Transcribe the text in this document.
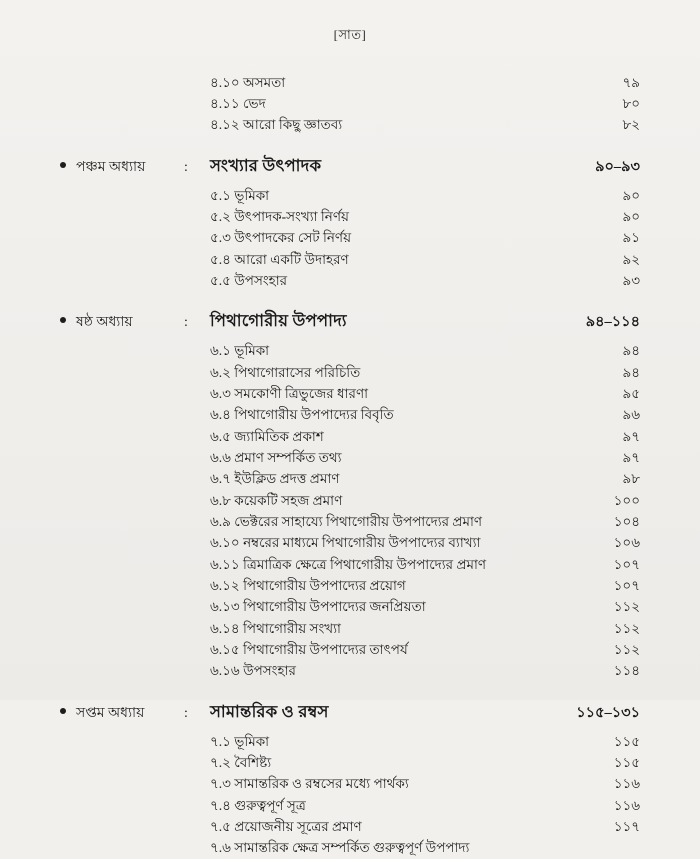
[সাত]
৪.১০ অসমতা	৭৯
৪.১১ ভেদ	৮০
৪.১২ আরো কিছু জ্ঞাতব্য	৮২
পঞ্চম অধ্যায়	:	সংখ্যার উৎপাদক	৯০–৯৩
৫.১ ভূমিকা	৯০
৫.২ উৎপাদক-সংখ্যা নির্ণয়	৯০
৫.৩ উৎপাদকের সেট নির্ণয়	৯১
৫.৪ আরো একটি উদাহরণ	৯২
৫.৫ উপসংহার	৯৩
ষষ্ঠ অধ্যায়	:	পিথাগোরীয় উপপাদ্য	৯৪–১১৪
৬.১ ভূমিকা	৯৪
৬.২ পিথাগোরাসের পরিচিতি	৯৪
৬.৩ সমকোণী ত্রিভুজের ধারণা	৯৫
৬.৪ পিথাগোরীয় উপপাদ্যের বিবৃতি	৯৬
৬.৫ জ্যামিতিক প্রকাশ	৯৭
৬.৬ প্রমাণ সম্পর্কিত তথ্য	৯৭
৬.৭ ইউক্লিড প্রদত্ত প্রমাণ	৯৮
৬.৮ কয়েকটি সহজ প্রমাণ	১০০
৬.৯ ভেক্টরের সাহায্যে পিথাগোরীয় উপপাদ্যের প্রমাণ	১০৪
৬.১০ নম্বরের মাধ্যমে পিথাগোরীয় উপপাদ্যের ব্যাখ্যা	১০৬
৬.১১ ত্রিমাত্রিক ক্ষেত্রে পিথাগোরীয় উপপাদ্যের প্রমাণ	১০৭
৬.১২ পিথাগোরীয় উপপাদ্যের প্রয়োগ	১০৭
৬.১৩ পিথাগোরীয় উপপাদ্যের জনপ্রিয়তা	১১২
৬.১৪ পিথাগোরীয় সংখ্যা	১১২
৬.১৫ পিথাগোরীয় উপপাদ্যের তাৎপর্য	১১২
৬.১৬ উপসংহার	১১৪
সপ্তম অধ্যায়	:	সামান্তরিক ও রম্বস	১১৫–১৩১
৭.১ ভূমিকা	১১৫
৭.২ বৈশিষ্ট্য	১১৫
৭.৩ সামান্তরিক ও রম্বসের মধ্যে পার্থক্য	১১৬
৭.৪ গুরুত্বপূর্ণ সূত্র	১১৬
৭.৫ প্রয়োজনীয় সূত্রের প্রমাণ	১১৭
৭.৬ সামান্তরিক ক্ষেত্র সম্পর্কিত গুরুত্বপূর্ণ উপপাদ্য
